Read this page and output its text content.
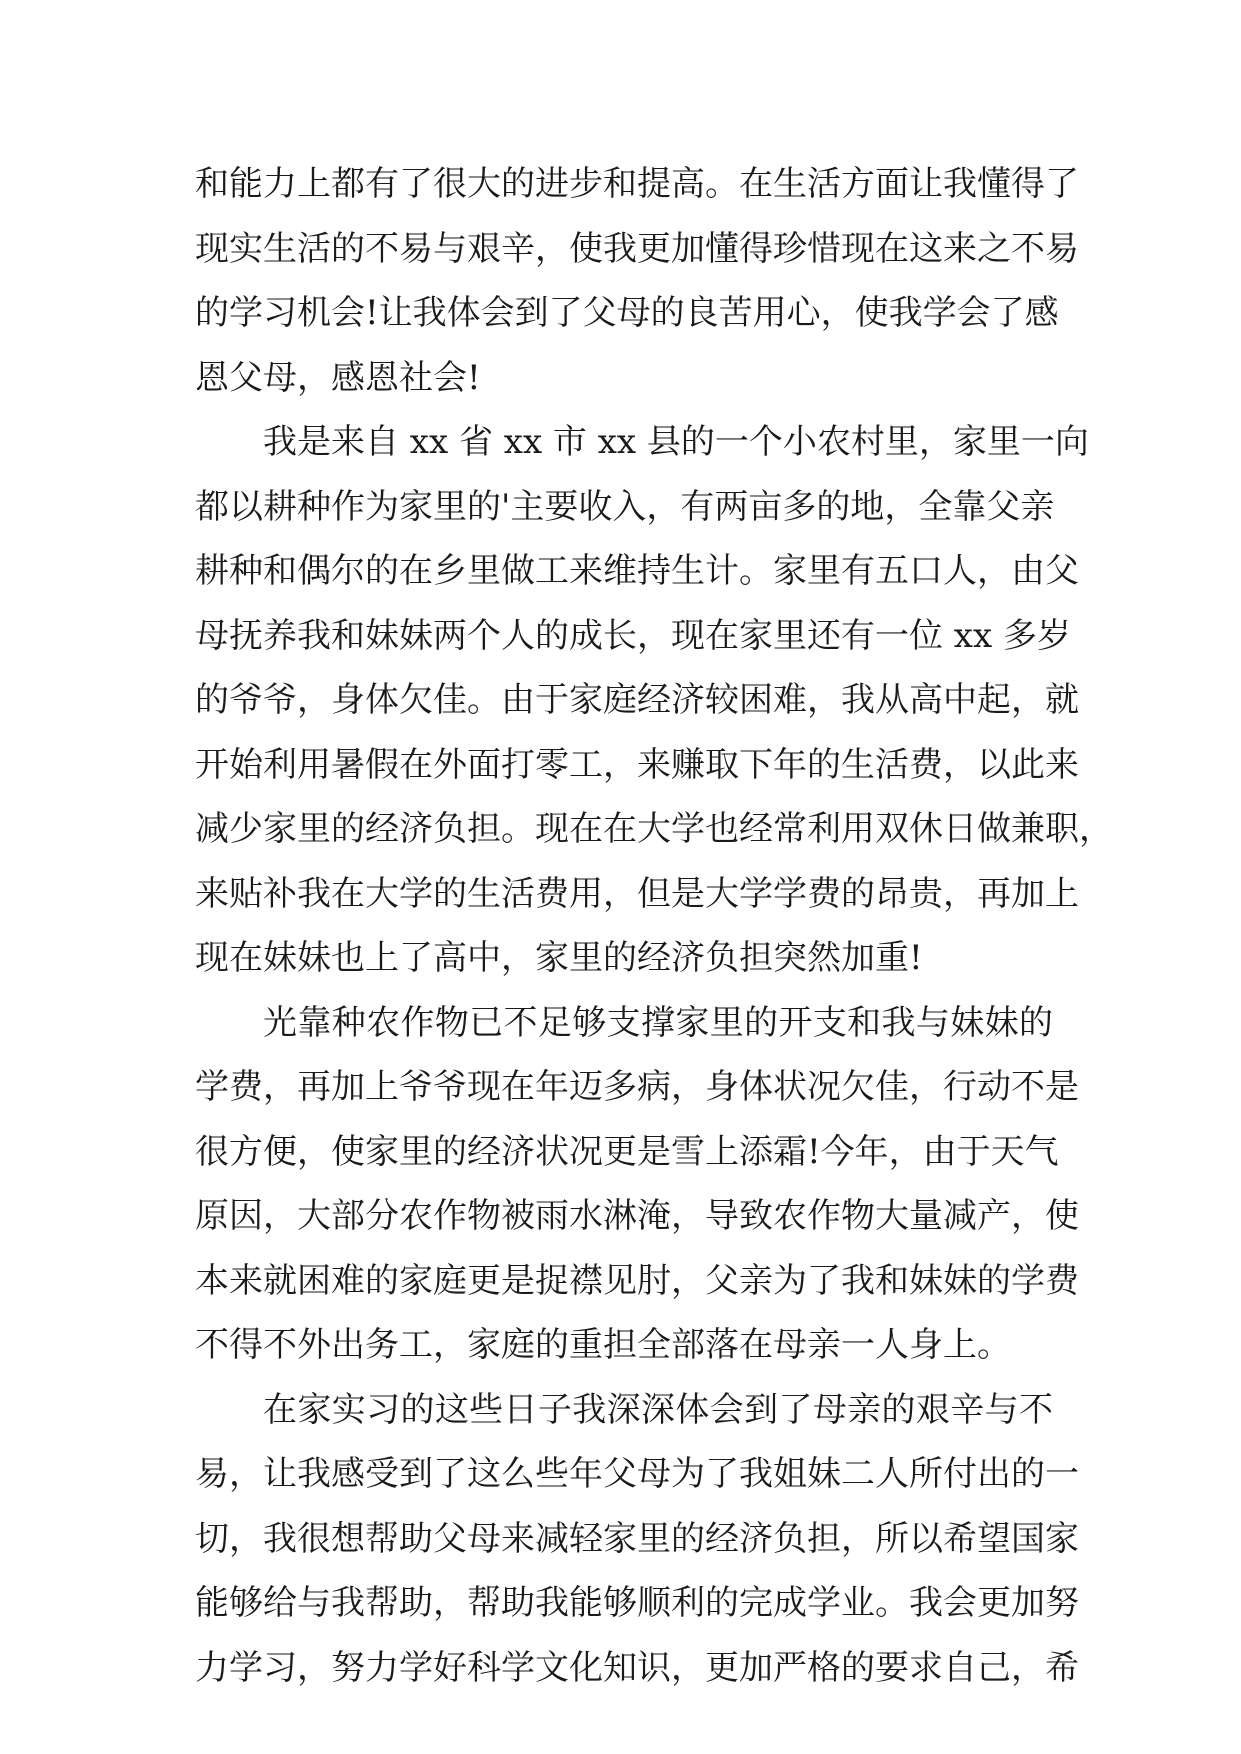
和能力上都有了很大的进步和提高。在生活方面让我懂得了
现实生活的不易与艰辛，使我更加懂得珍惜现在这来之不易
的学习机会!让我体会到了父母的良苦用心，使我学会了感
恩父母，感恩社会!
我是来自 xx 省 xx 市 xx 县的一个小农村里，家里一向
都以耕种作为家里的'主要收入，有两亩多的地，全靠父亲
耕种和偶尔的在乡里做工来维持生计。家里有五口人，由父
母抚养我和妹妹两个人的成长，现在家里还有一位 xx 多岁
的爷爷，身体欠佳。由于家庭经济较困难，我从高中起，就
开始利用暑假在外面打零工，来赚取下年的生活费，以此来
减少家里的经济负担。现在在大学也经常利用双休日做兼职，
来贴补我在大学的生活费用，但是大学学费的昂贵，再加上
现在妹妹也上了高中，家里的经济负担突然加重!
光靠种农作物已不足够支撑家里的开支和我与妹妹的
学费，再加上爷爷现在年迈多病，身体状况欠佳，行动不是
很方便，使家里的经济状况更是雪上添霜!今年，由于天气
原因，大部分农作物被雨水淋淹，导致农作物大量减产，使
本来就困难的家庭更是捉襟见肘，父亲为了我和妹妹的学费
不得不外出务工，家庭的重担全部落在母亲一人身上。
在家实习的这些日子我深深体会到了母亲的艰辛与不
易，让我感受到了这么些年父母为了我姐妹二人所付出的一
切，我很想帮助父母来减轻家里的经济负担，所以希望国家
能够给与我帮助，帮助我能够顺利的完成学业。我会更加努
力学习，努力学好科学文化知识，更加严格的要求自己，希
